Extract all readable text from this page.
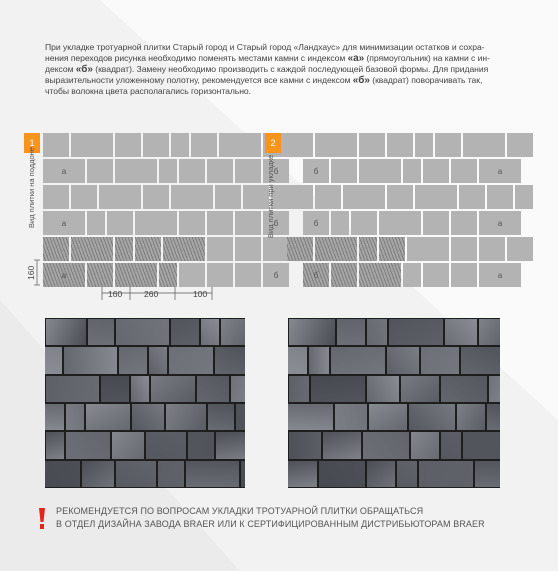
При укладке тротуарной плитки Старый город и Старый город «Ландхаус» для минимизации остатков и сохра-
нения переходов рисунка необходимо поменять местами камни с индексом «а» (прямоугольник) на камни с ин-
дексом «б» (квадрат). Замену необходимо производить с каждой последующей базовой формы. Для придания
выразительности уложенному полотну, рекомендуется все камни с индексом «б» (квадрат) поворачивать так,
чтобы волокна цвета располагались горизонтально.

1
Вид плитки на поддоне	а	б
а	б
а	б
160
160	260	100
2
Вид плитки при укладке	б	а
б	а
б	а

РЕКОМЕНДУЕТСЯ ПО ВОПРОСАМ УКЛАДКИ ТРОТУАРНОЙ ПЛИТКИ ОБРАЩАТЬСЯ
В ОТДЕЛ ДИЗАЙНА ЗАВОДА BRAER ИЛИ К СЕРТИФИЦИРОВАННЫМ ДИСТРИБЬЮТОРАМ BRAER
